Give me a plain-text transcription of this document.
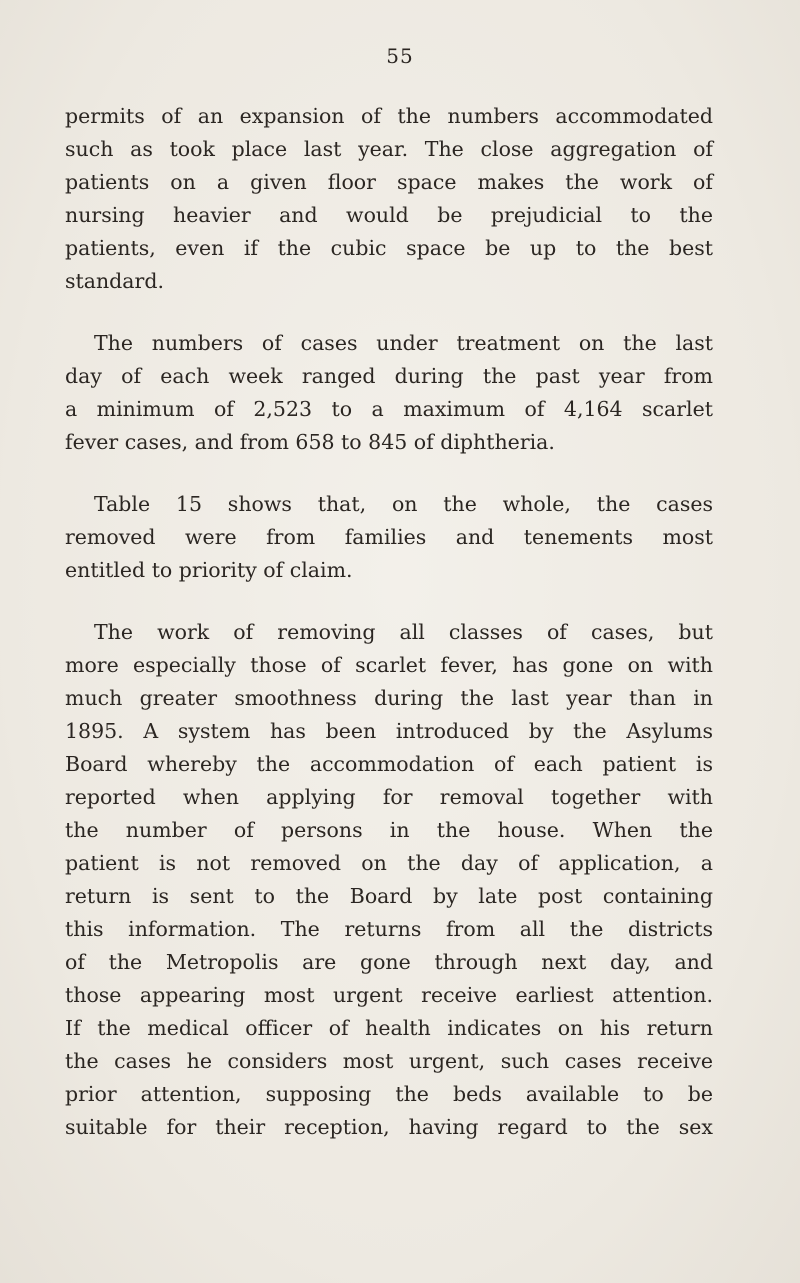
55
permits of an expansion of the numbers accommodated
such as took place last year. The close aggregation of
patients on a given floor space makes the work of
nursing heavier and would be prejudicial to the
patients, even if the cubic space be up to the best
standard.
The numbers of cases under treatment on the last
day of each week ranged during the past year from
a minimum of 2,523 to a maximum of 4,164 scarlet
fever cases, and from 658 to 845 of diphtheria.
Table 15 shows that, on the whole, the cases
removed were from families and tenements most
entitled to priority of claim.
The work of removing all classes of cases, but
more especially those of scarlet fever, has gone on with
much greater smoothness during the last year than in
1895. A system has been introduced by the Asylums
Board whereby the accommodation of each patient is
reported when applying for removal together with
the number of persons in the house. When the
patient is not removed on the day of application, a
return is sent to the Board by late post containing
this information. The returns from all the districts
of the Metropolis are gone through next day, and
those appearing most urgent receive earliest attention.
If the medical officer of health indicates on his return
the cases he considers most urgent, such cases receive
prior attention, supposing the beds available to be
suitable for their reception, having regard to the sex
